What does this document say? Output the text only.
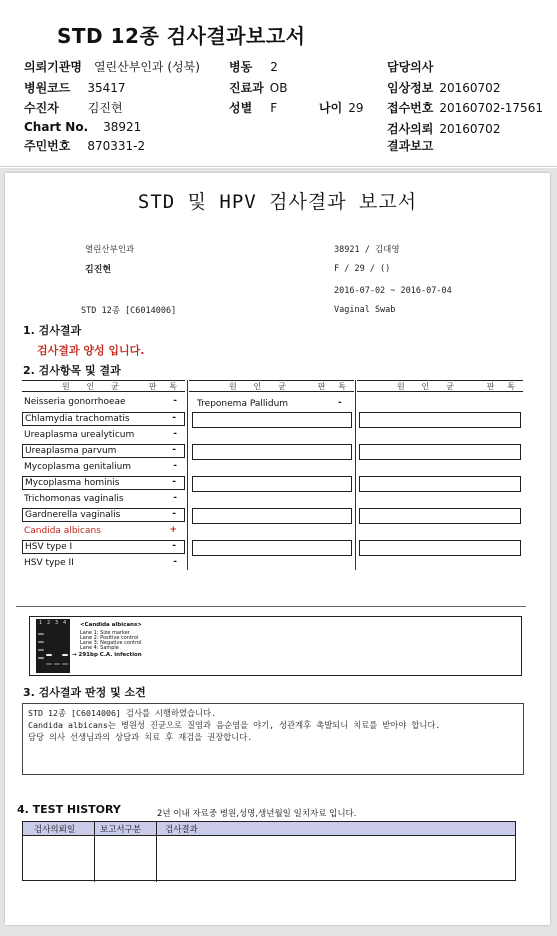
STD 12종 검사결과보고서
의뢰기관명 열린산부인과 (성북)
병원코드 35417
수진자 김진현
Chart No. 38921
주민번호 870331-2
병동 2
진료과 OB
성별 F	나이 29
담당의사
임상정보 20160702
접수번호 20160702-17561
검사의뢰 20160702
결과보고
STD 및 HPV 검사결과 보고서
열린산부인과
김진현
STD 12종 [C6014006]
38921 / 김대영
F / 29 / ()
2016-07-02 ~ 2016-07-04
Vaginal Swab
1. 검사결과
검사결과 양성 입니다.
2. 검사항목 및 결과
원 인 균	판 독	원 인 균	판 독	원 인 균	판 독
Neisseria gonorrhoeae	-
Chlamydia trachomatis	-
Ureaplasma urealyticum	-
Ureaplasma parvum	-
Mycoplasma genitalium	-
Mycoplasma hominis	-
Trichomonas vaginalis	-
Gardnerella vaginalis	-
Candida albicans	+
HSV type I	-
HSV type II	-
Treponema Pallidum	-
1 2 3 4	<Candida albicans>
Lane 1: Size marker
Lane 2: Positive control
Lane 3: Negative control
Lane 4: Sample
→ 291bp C.A. infection
3. 검사결과 판정 및 소견
STD 12종 [C6014006] 검사를 시행하였습니다.
Candida albicans는 병원성 진균으로 질염과 음순염을 야기, 성관계후 촉발되니 치료를 받아야 합니다.
담당 의사 선생님과의 상담과 치료 후 재검을 권장합니다.
4. TEST HISTORY	2년 이내 자료중 병원,성명,생년월일 일치자료 입니다.
검사의뢰일	보고서구분	검사결과
